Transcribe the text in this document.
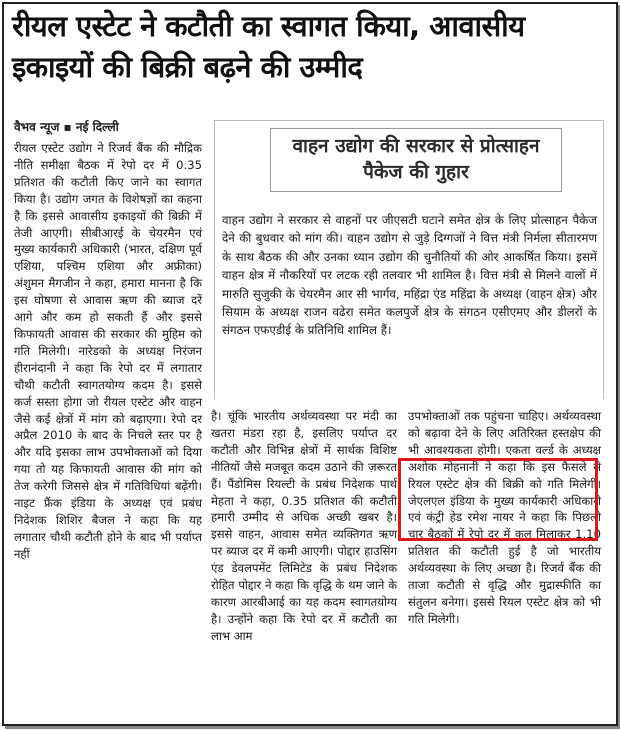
रीयल एस्टेट ने कटौती का स्वागत किया, आवासीय इकाइयों की बिक्री बढ़ने की उम्मीद
वैभव न्यूज ▪ नई दिल्ली

रीयल एस्टेट उद्योग ने रिजर्व बैंक की मौद्रिक नीति समीक्षा बैठक में रेपो दर में 0.35 प्रतिशत की कटौती किए जाने का स्वागत किया है। उद्योग जगत के विशेषज्ञों का कहना है कि इससे आवासीय इकाइयों की बिक्री में तेजी आएगी। सीबीआरई के चेयरमैन एवं मुख्य कार्यकारी अधिकारी (भारत, दक्षिण पूर्व एशिया, पश्चिम एशिया और अफ्रीका) अंशुमन मैगजीन ने कहा, हमारा मानना है कि इस घोषणा से आवास ऋण की ब्याज दरें आगे और कम हो सकती हैं और इससे किफायती आवास की सरकार की मुहिम को गति मिलेगी। नारेडको के अध्यक्ष निरंजन हीरानंदानी ने कहा कि रेपो दर में लगातार चौथी कटौती स्वागतयोग्य कदम है। इससे कर्ज सस्ता होगा जो रीयल एस्टेट और वाहन जैसे कई क्षेत्रों में मांग को बढ़ाएगा। रेपो दर अप्रैल 2010 के बाद के निचले स्तर पर है और यदि इसका लाभ उपभोक्ताओं को दिया गया तो यह किफायती आवास की मांग को तेज करेगी जिससे क्षेत्र में गतिविधियां बढ़ेंगी। नाइट फ्रैंक इंडिया के अध्यक्ष एवं प्रबंध निदेशक शिशिर बैजल ने कहा कि यह लगातार चौथी कटौती होने के बाद भी पर्याप्त नहीं

वाहन उद्योग की सरकार से प्रोत्साहन पैकेज की गुहार

वाहन उद्योग ने सरकार से वाहनों पर जीएसटी घटाने समेत क्षेत्र के लिए प्रोत्साहन पैकेज देने की बुधवार को मांग की। वाहन उद्योग से जुड़े दिग्गजों ने वित्त मंत्री निर्मला सीतारमण के साथ बैठक की और उनका ध्यान उद्योग की चुनौतियों की ओर आकर्षित किया। इसमें वाहन क्षेत्र में नौकरियों पर लटक रही तलवार भी शामिल है। वित्त मंत्री से मिलने वालों में मारुति सुजुकी के चेयरमैन आर सी भार्गव, महिंद्रा एंड महिंद्रा के अध्यक्ष (वाहन क्षेत्र) और सियाम के अध्यक्ष राजन वढेरा समेत कलपुर्जे क्षेत्र के संगठन एसीएमए और डीलरों के संगठन एफएडीई के प्रतिनिधि शामिल हैं।

है। चूंकि भारतीय अर्थव्यवस्था पर मंदी का खतरा मंडरा रहा है, इसलिए पर्याप्त दर कटौती और विभिन्न क्षेत्रों में सार्थक विशिष्ट नीतियों जैसे मजबूत कदम उठाने की ज़रूरत हैं। पैंडोमिस रियल्टी के प्रबंध निदेशक पार्थ मेहता ने कहा, 0.35 प्रतिशत की कटौती हमारी उम्मीद से अधिक अच्छी खबर है। इससे वाहन, आवास समेत व्यक्तिगत ऋण पर ब्याज दर में कमी आएगी। पोद्दार हाउसिंग एंड डेवलपमेंट लिमिटेड के प्रबंध निदेशक रोहित पोद्दार ने कहा कि वृद्धि के थम जाने के कारण आरबीआई का यह कदम स्वागतयोग्य है। उन्होंने कहा कि रेपो दर में कटौती का लाभ आम

उपभोक्ताओं तक पहुंचना चाहिए। अर्थव्यवस्था को बढ़ावा देने के लिए अतिरिक्त हस्तक्षेप की भी आवश्यकता होगी। एकता वर्ल्ड के अध्यक्ष अशोक मोहनानी ने कहा कि इस फैसले से रियल एस्टेट क्षेत्र की बिक्री को गति मिलेगी। जेएलएल इंडिया के मुख्य कार्यकारी अधिकारी एवं कंट्री हेड रमेश नायर ने कहा कि पिछली चार बैठकों में रेपो दर में कुल मिलाकर 1.10 प्रतिशत की कटौती हुई है जो भारतीय अर्थव्यवस्था के लिए अच्छा है। रिजर्व बैंक की ताजा कटौती से वृद्धि और मुद्रास्फीति का संतुलन बनेगा। इससे रियल एस्टेट क्षेत्र को भी गति मिलेगी।
